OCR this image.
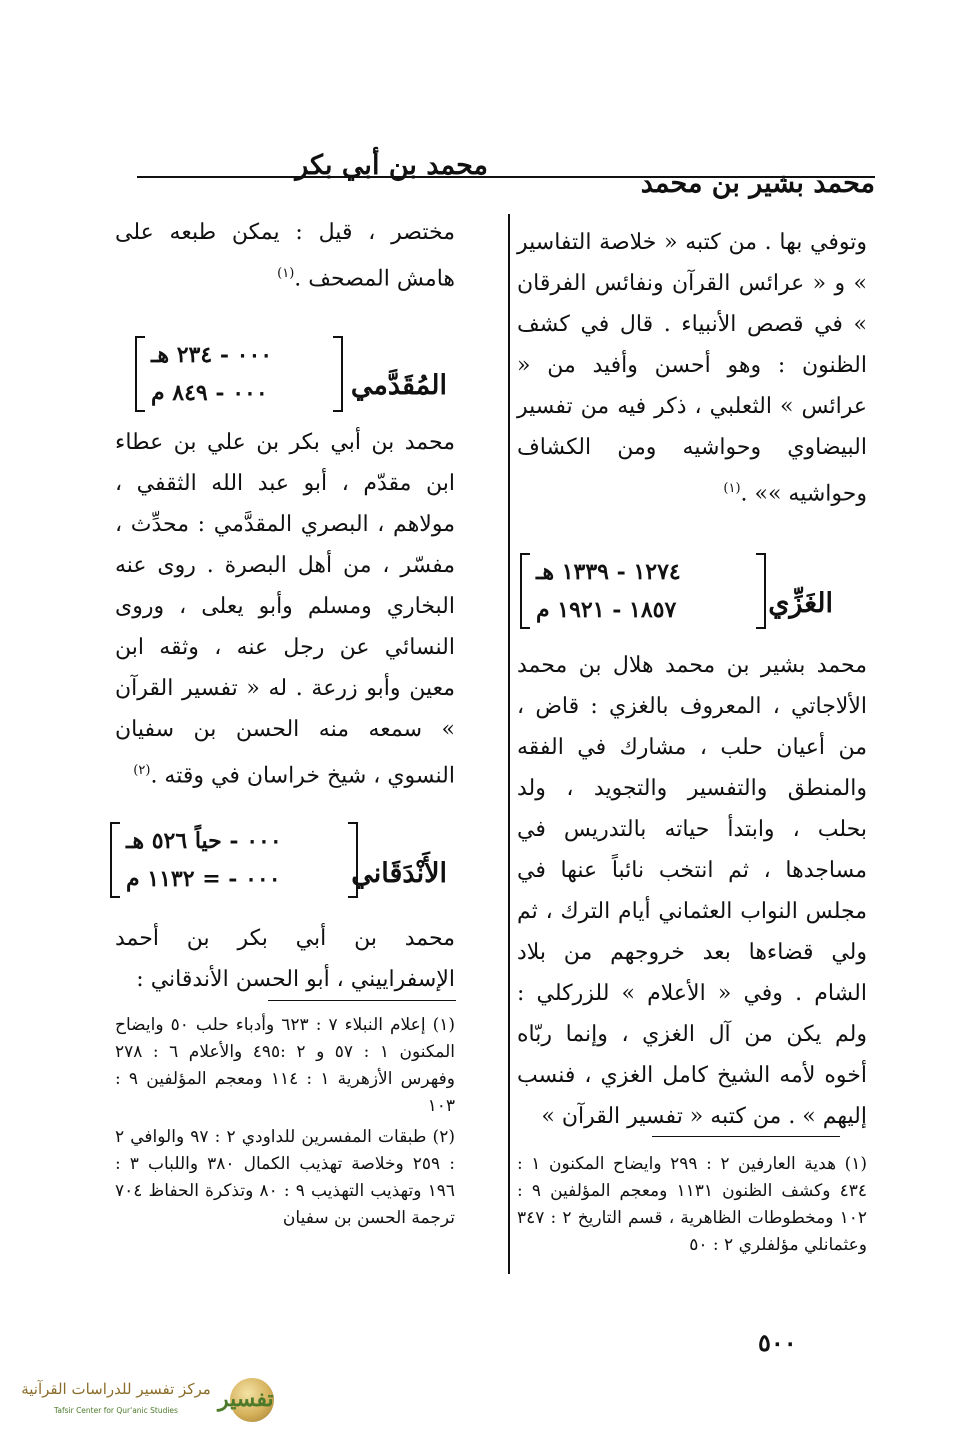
محمد بشير بن محمد
محمد بن أبي بكر

وتوفي بها . من كتبه « خلاصة التفاسير » و « عرائس القرآن ونفائس الفرقان » في قصص الأنبياء . قال في كشف الظنون : وهو أحسن وأفيد من « عرائس » الثعلبي ، ذكر فيه من تفسير البيضاوي وحواشيه ومن الكشاف وحواشيه »» .$^{(١)}$

الغَزِّي
١٢٧٤ - ١٣٣٩ هـ
١٨٥٧ - ١٩٢١ م

محمد بشير بن محمد هلال بن محمد الألاجاتي ، المعروف بالغزي : قاض ، من أعيان حلب ، مشارك في الفقه والمنطق والتفسير والتجويد ، ولد بحلب ، وابتدأ حياته بالتدريس في مساجدها ، ثم انتخب نائباً عنها في مجلس النواب العثماني أيام الترك ، ثم ولي قضاءها بعد خروجهم من بلاد الشام . وفي « الأعلام » للزركلي : ولم يكن من آل الغزي ، وإنما ربّاه أخوه لأمه الشيخ كامل الغزي ، فنسب إليهم » . من كتبه « تفسير القرآن »

(١) هدية العارفين ٢ : ٢٩٩ وايضاح المكنون ١ : ٤٣٤ وكشف الظنون ١١٣١ ومعجم المؤلفين ٩ : ١٠٢ ومخطوطات الظاهرية ، قسم التاريخ ٢ : ٣٤٧ وعثمانلي مؤلفلري ٢ : ٥٠

مختصر ، قيل : يمكن طبعه على هامش المصحف .$^{(١)}$

المُقَدَّمي
٠٠٠ - ٢٣٤ هـ
٠٠٠ - ٨٤٩ م

محمد بن أبي بكر بن علي بن عطاء ابن مقدّم ، أبو عبد الله الثقفي ، مولاهم ، البصري المقدَّمي : محدِّث ، مفسّر ، من أهل البصرة . روى عنه البخاري ومسلم وأبو يعلى ، وروى النسائي عن رجل عنه ، وثقه ابن معين وأبو زرعة . له « تفسير القرآن » سمعه منه الحسن بن سفيان النسوي ، شيخ خراسان في وقته .$^{(٢)}$

الأَنْدَقَاني
٠٠٠ - حياً ٥٢٦ هـ
٠٠٠ - = ١١٣٢ م

محمد بن أبي بكر بن أحمد الإسفراييني ، أبو الحسن الأندقاني :

(١) إعلام النبلاء ٧ : ٦٢٣ وأدباء حلب ٥٠ وايضاح المكنون ١ : ٥٧ و ٢ :٤٩٥ والأعلام ٦ : ٢٧٨ وفهرس الأزهرية ١ : ١١٤ ومعجم المؤلفين ٩ : ١٠٣

(٢) طبقات المفسرين للداودي ٢ : ٩٧ والوافي ٢ : ٢٥٩ وخلاصة تهذيب الكمال ٣٨٠ واللباب ٣ : ١٩٦ وتهذيب التهذيب ٩ : ٨٠ وتذكرة الحفاظ ٧٠٤ ترجمة الحسن بن سفيان

٥٠٠
تفسير
مركز تفسير للدراسات القرآنية
Tafsir Center for Qur'anic Studies
